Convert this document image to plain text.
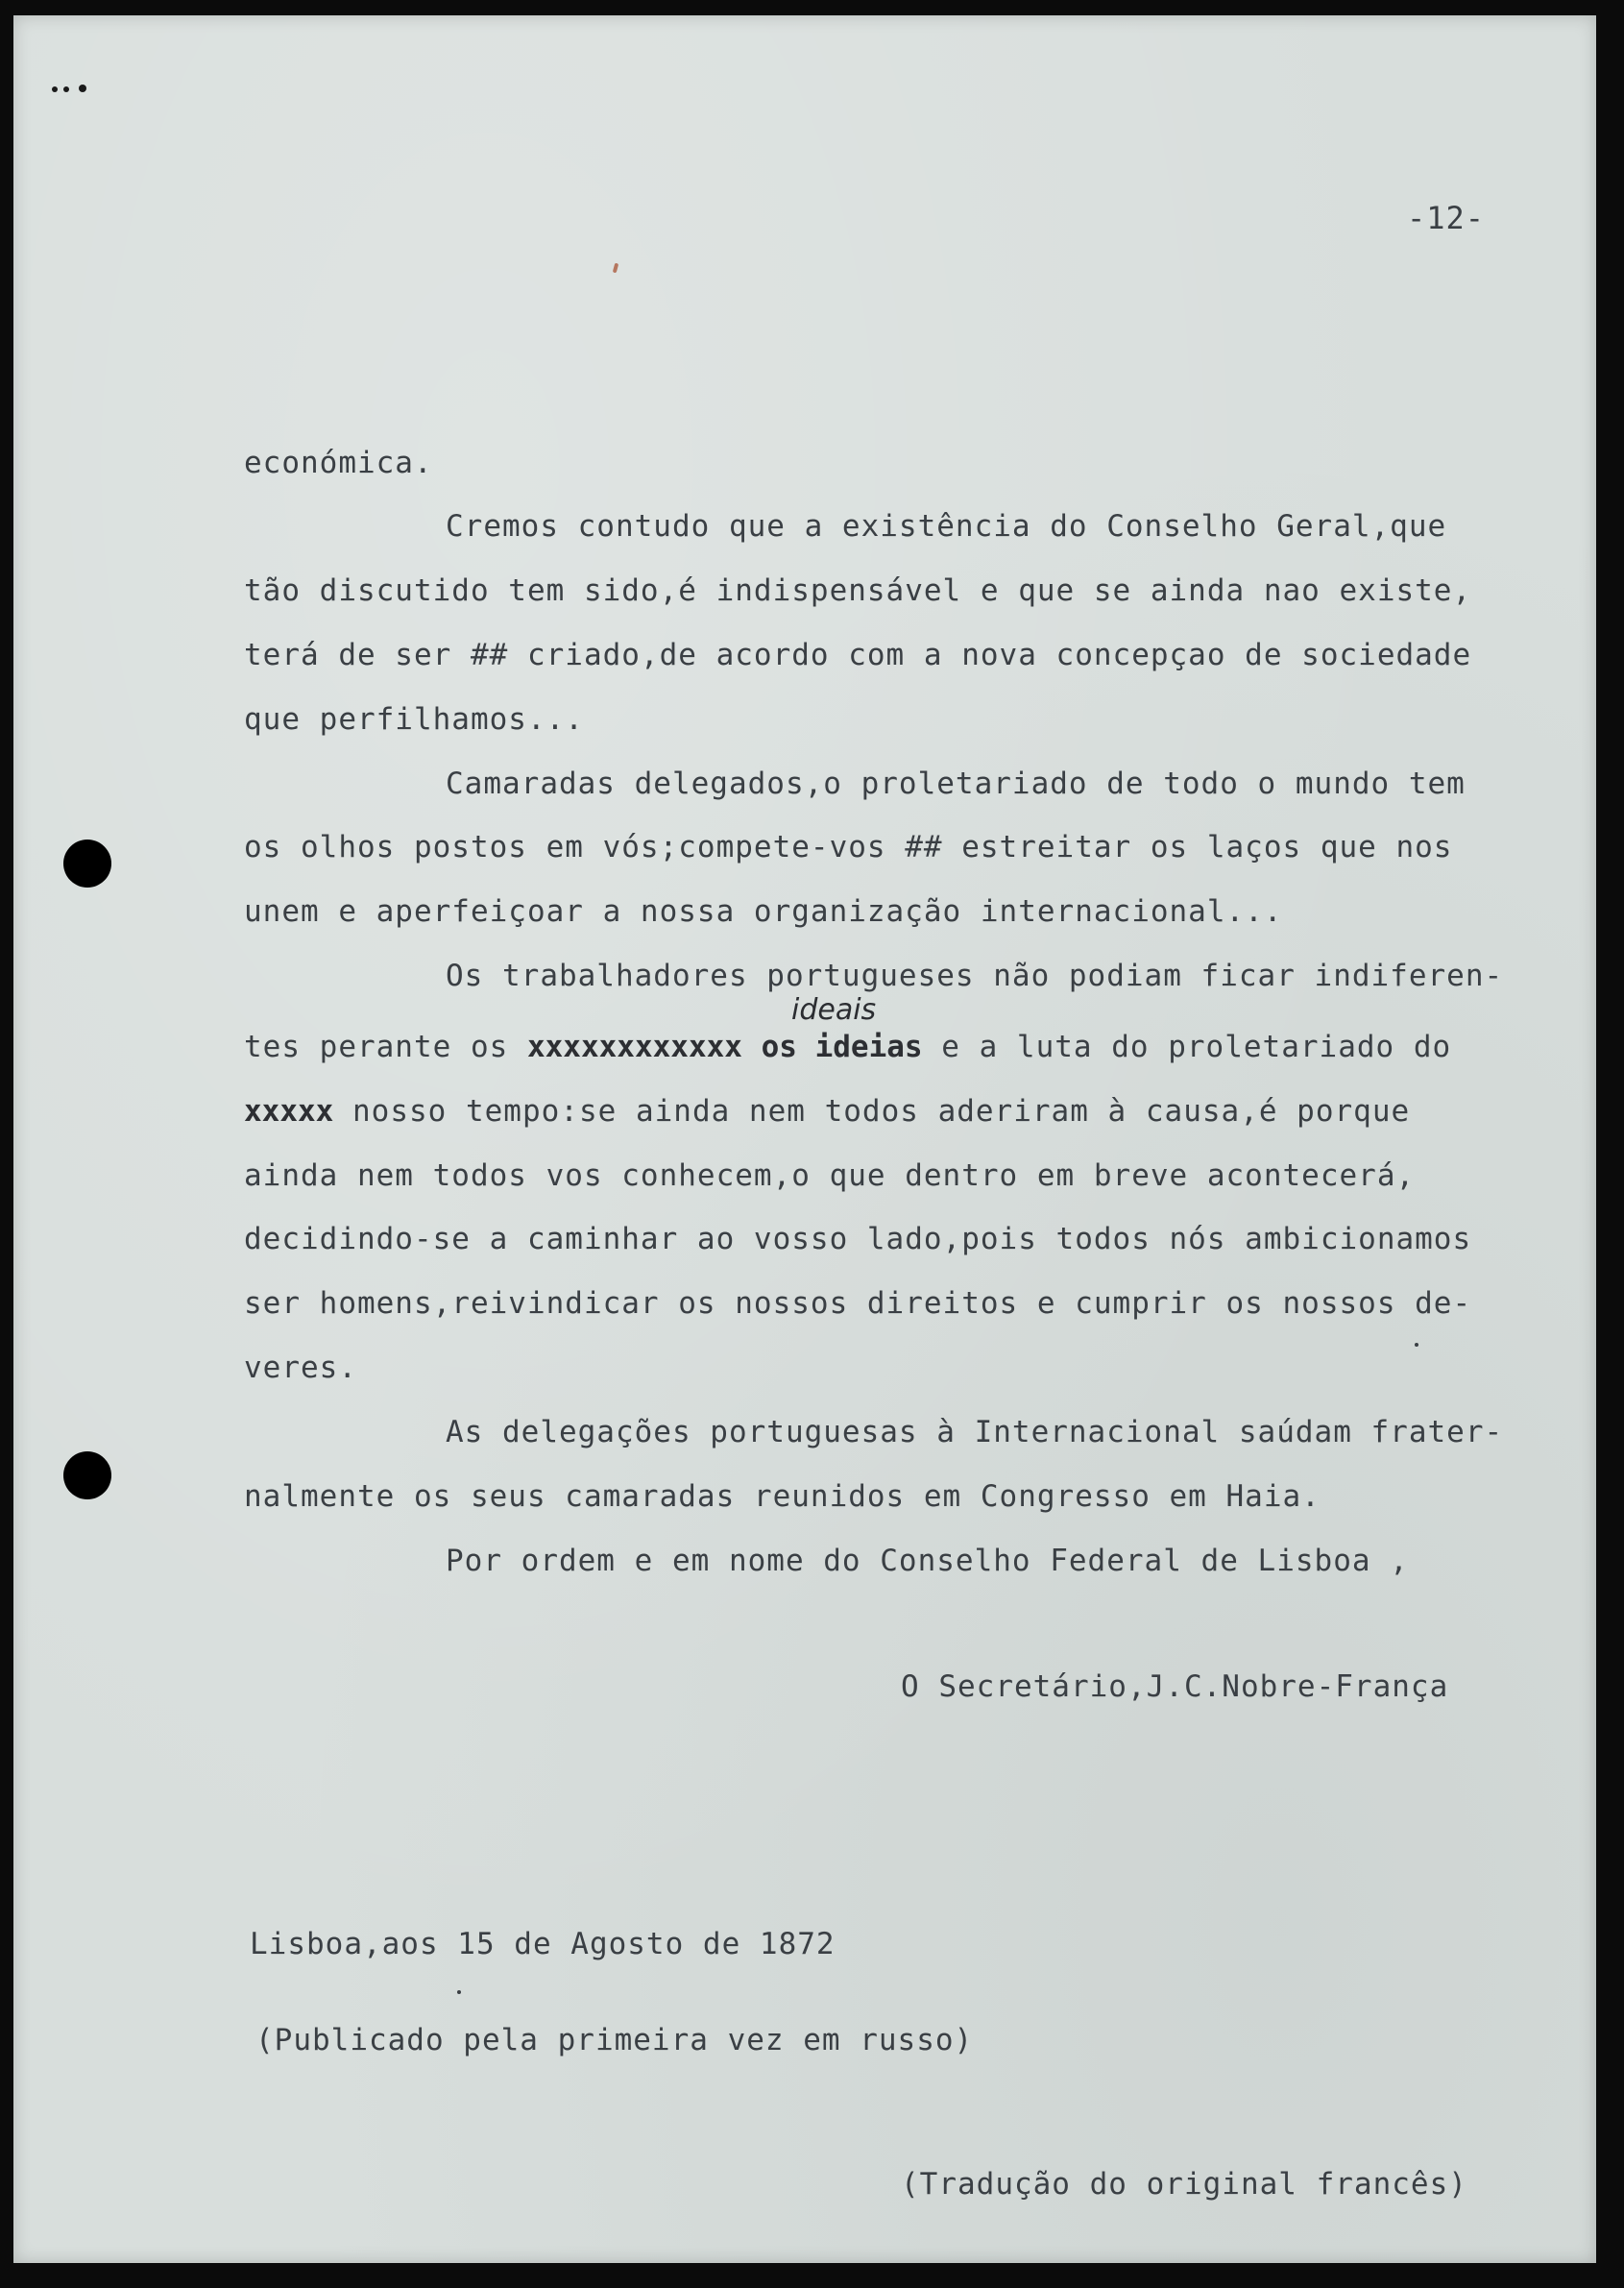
-12-
económica.
Cremos contudo que a existência do Conselho Geral,que
tão discutido tem sido,é indispensável e que se ainda nao existe,
terá de ser ## criado,de acordo com a nova concepçao de sociedade
que perfilhamos...
Camaradas delegados,o proletariado de todo o mundo tem
os olhos postos em vós;compete-vos ## estreitar os laços que nos
unem e aperfeiçoar a nossa organização internacional...
Os trabalhadores portugueses não podiam ficar indiferen-
ideais
tes perante os xxxxxxxxxxxx os ideias e a luta do proletariado do
xxxxx nosso tempo:se ainda nem todos aderiram à causa,é porque
ainda nem todos vos conhecem,o que dentro em breve acontecerá,
decidindo-se a caminhar ao vosso lado,pois todos nós ambicionamos
ser homens,reivindicar os nossos direitos e cumprir os nossos de-
veres.
As delegações portuguesas à Internacional saúdam frater-
nalmente os seus camaradas reunidos em Congresso em Haia.
Por ordem e em nome do Conselho Federal de Lisboa ,
O Secretário,J.C.Nobre-França
Lisboa,aos 15 de Agosto de 1872
(Publicado pela primeira vez em russo)
(Tradução do original francês)
